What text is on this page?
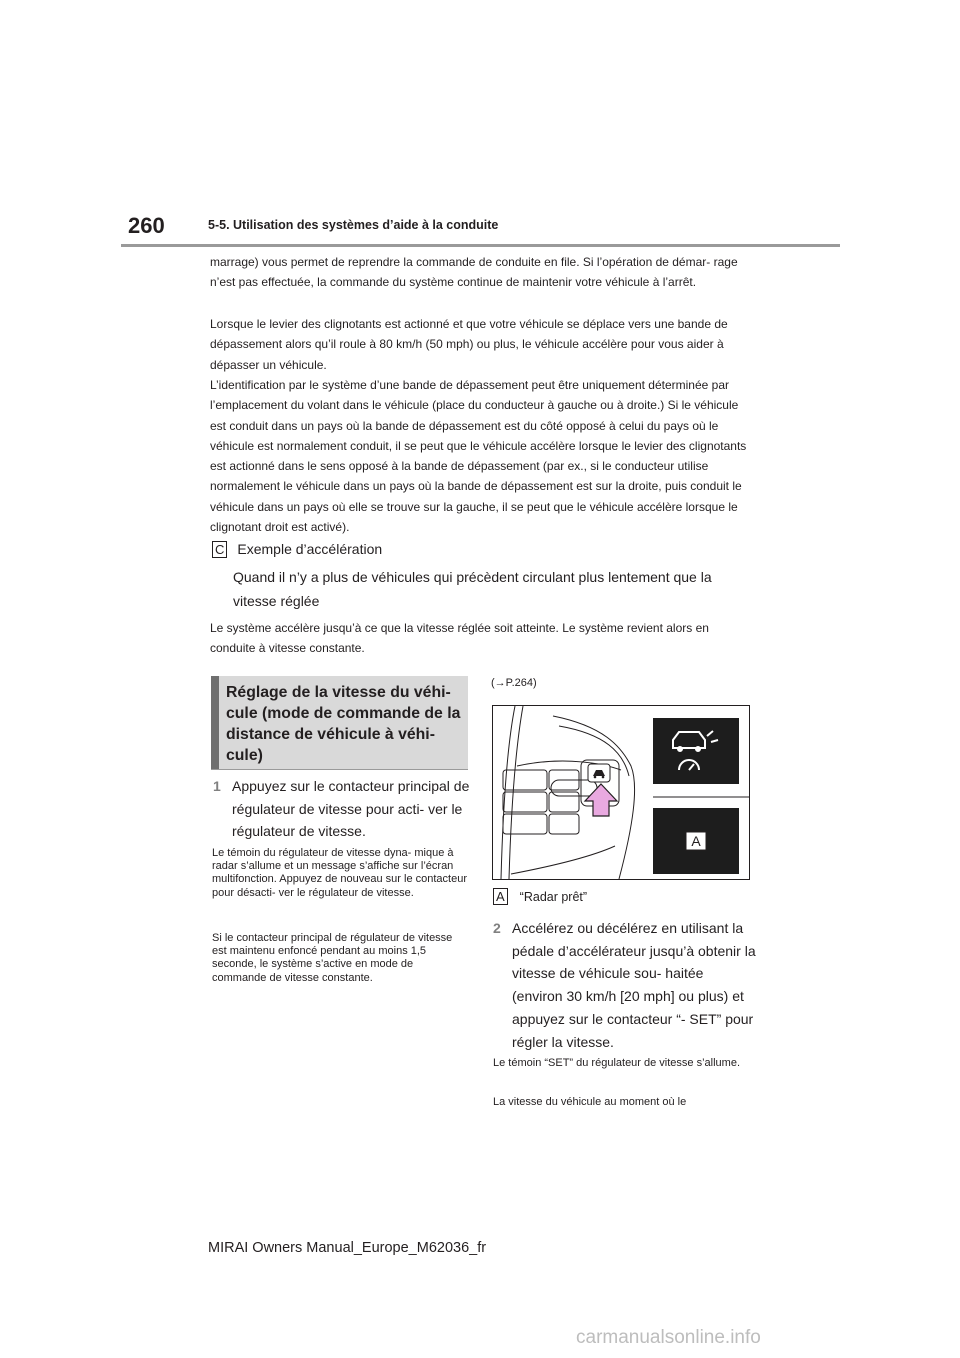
260	5-5. Utilisation des systèmes d’aide à la conduite

marrage) vous permet de reprendre la commande de conduite en file. Si l’opération de démar- rage n’est pas effectuée, la commande du système continue de maintenir votre véhicule à l’arrêt.

Lorsque le levier des clignotants est actionné et que votre véhicule se déplace vers une bande de dépassement alors qu’il roule à 80 km/h (50 mph) ou plus, le véhicule accélère pour vous aider à dépasser un véhicule.

L’identification par le système d’une bande de dépassement peut être uniquement déterminée par l’emplacement du volant dans le véhicule (place du conducteur à gauche ou à droite.) Si le véhicule est conduit dans un pays où la bande de dépassement est du côté opposé à celui du pays où le véhicule est normalement conduit, il se peut que le véhicule accélère lorsque le levier des clignotants est actionné dans le sens opposé à la bande de dépassement (par ex., si le conducteur utilise normalement le véhicule dans un pays où la bande de dépassement est sur la droite, puis conduit le véhicule dans un pays où elle se trouve sur la gauche, il se peut que le véhicule accélère lorsque le clignotant droit est activé).

C Exemple d’accélération

Quand il n’y a plus de véhicules qui précèdent circulant plus lentement que la vitesse réglée

Le système accélère jusqu’à ce que la vitesse réglée soit atteinte. Le système revient alors en conduite à vitesse constante.

Réglage de la vitesse du véhi- cule (mode de commande de la distance de véhicule à véhi- cule)
1 Appuyez sur le contacteur principal de régulateur de vitesse pour acti- ver le régulateur de vitesse.

Le témoin du régulateur de vitesse dyna- mique à radar s’allume et un message s’affiche sur l’écran multifonction. Appuyez de nouveau sur le contacteur pour désacti- ver le régulateur de vitesse.

Si le contacteur principal de régulateur de vitesse est maintenu enfoncé pendant au moins 1,5 seconde, le système s’active en mode de commande de vitesse constante.

(→P.264)
A
A “Radar prêt”
2 Accélérez ou décélérez en utilisant la pédale d’accélérateur jusqu’à obtenir la vitesse de véhicule sou- haitée (environ 30 km/h [20 mph] ou plus) et appuyez sur le contacteur “- SET” pour régler la vitesse.

Le témoin “SET” du régulateur de vitesse s’allume.

La vitesse du véhicule au moment où le

MIRAI Owners Manual_Europe_M62036_fr
carmanualsonline.info
